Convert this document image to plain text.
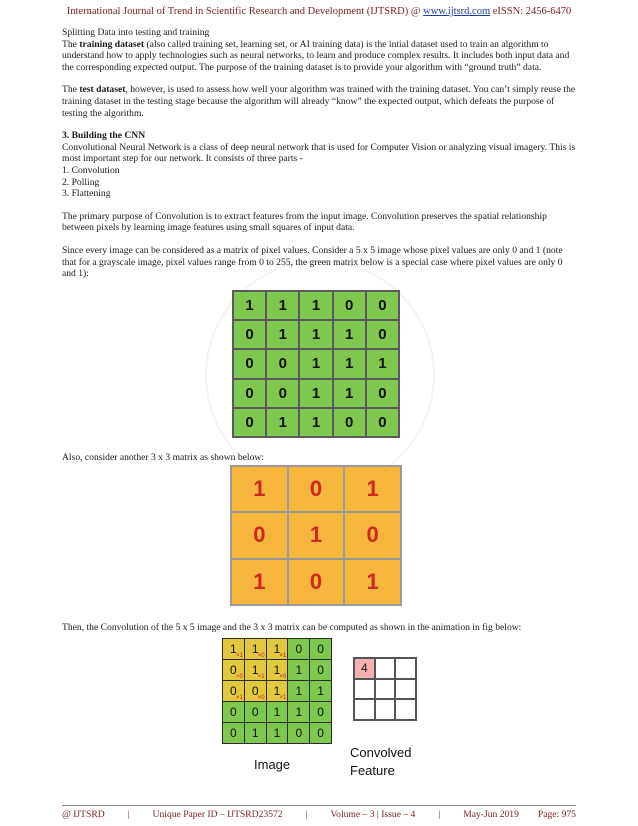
International Journal of Trend in Scientific Research and Development (IJTSRD) @ www.ijtsrd.com eISSN: 2456-6470

Splitting Data into testing and training

The training dataset (also called training set, learning set, or AI training data) is the intial dataset used to train an algorithm to understand how to apply technologies such as neural networks, to learn and produce complex results. It includes both input data and the corresponding expected output. The purpose of the training dataset is to provide your algorithm with “ground truth” data.

The test dataset, however, is used to assess how well your algorithm was trained with the training dataset. You can’t simply reuse the training dataset in the testing stage because the algorithm will already “know” the expected output, which defeats the purpose of testing the algorithm.

3. Building the CNN

Convolutional Neural Network is a class of deep neural network that is used for Computer Vision or analyzing visual imagery. This is most important step for our network. It consists of three parts -

1. Convolution
2. Polling
3. Flattening

The primary purpose of Convolution is to extract features from the input image. Convolution preserves the spatial relationship between pixels by learning image features using small squares of input data.

Since every image can be considered as a matrix of pixel values. Consider a 5 x 5 image whose pixel values are only 0 and 1 (note that for a grayscale image, pixel values range from 0 to 255, the green matrix below is a special case where pixel values are only 0 and 1):

Also, consider another 3 x 3 matrix as shown below:

Then, the Convolution of the 5 x 5 image and the 3 x 3 matrix can be computed as shown in the animation in fig below:

1	1	1	0	0
0	1	1	1	0
0	0	1	1	1
0	0	1	1	0
0	1	1	0	0
1	0	1
0	1	0
1	0	1
$1_{\times 1}$ $1_{\times 0}$ $1_{\times 1}$ 0 0
$0_{\times 0}$ $1_{\times 1}$ $1_{\times 0}$ 1 0
$0_{\times 1}$ $0_{\times 0}$ $1_{\times 1}$ 1 1
0 0 1 1 0
0 1 1 0 0
4
Image
Convolved Feature
@ IJTSRD	|	Unique Paper ID – IJTSRD23572	|	Volume – 3 | Issue – 4	|	May-Jun 2019 Page: 975
